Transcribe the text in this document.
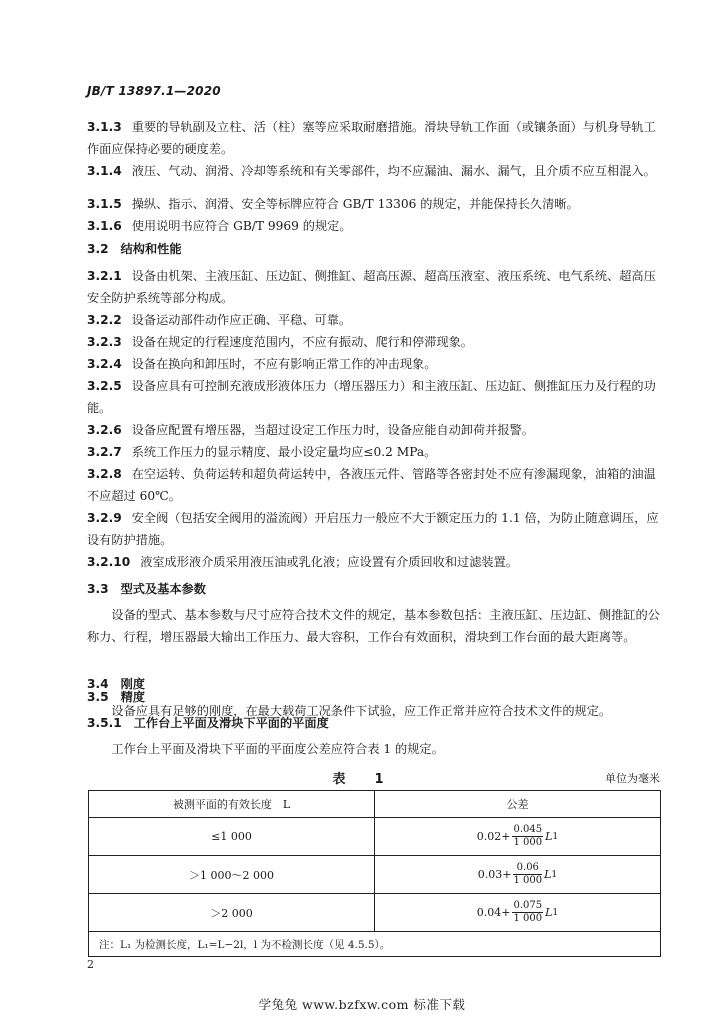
JB/T 13897.1—2020

3.1.3 重要的导轨副及立柱、活（柱）塞等应采取耐磨措施。滑块导轨工作面（或镶条面）与机身导轨工作面应保持必要的硬度差。

3.1.4 液压、气动、润滑、冷却等系统和有关零部件，均不应漏油、漏水、漏气，且介质不应互相混入。

3.1.5 操纵、指示、润滑、安全等标牌应符合 GB/T 13306 的规定，并能保持长久清晰。

3.1.6 使用说明书应符合 GB/T 9969 的规定。

3.2 结构和性能

3.2.1 设备由机架、主液压缸、压边缸、侧推缸、超高压源、超高压液室、液压系统、电气系统、超高压安全防护系统等部分构成。

3.2.2 设备运动部件动作应正确、平稳、可靠。

3.2.3 设备在规定的行程速度范围内，不应有振动、爬行和停滞现象。

3.2.4 设备在换向和卸压时，不应有影响正常工作的冲击现象。

3.2.5 设备应具有可控制充液成形液体压力（增压器压力）和主液压缸、压边缸、侧推缸压力及行程的功能。

3.2.6 设备应配置有增压器，当超过设定工作压力时，设备应能自动卸荷并报警。

3.2.7 系统工作压力的显示精度、最小设定量均应≤0.2 MPa。

3.2.8 在空运转、负荷运转和超负荷运转中，各液压元件、管路等各密封处不应有渗漏现象，油箱的油温不应超过 60℃。

3.2.9 安全阀（包括安全阀用的溢流阀）开启压力一般应不大于额定压力的 1.1 倍，为防止随意调压，应设有防护措施。

3.2.10 液室成形液介质采用液压油或乳化液；应设置有介质回收和过滤装置。

3.3 型式及基本参数

设备的型式、基本参数与尺寸应符合技术文件的规定，基本参数包括：主液压缸、压边缸、侧推缸的公称力、行程，增压器最大输出工作压力、最大容积，工作台有效面积，滑块到工作台面的最大距离等。

3.4 刚度

设备应具有足够的刚度，在最大载荷工况条件下试验，应工作正常并应符合技术文件的规定。

3.5 精度
3.5.1 工作台上平面及滑块下平面的平面度
表　1	单位为毫米
被测平面的有效长度　L	公差
≤1 000	$0.02+ \frac{0.045}{1 000}$ L 1

＞1 000～2 000	$0.03+ \frac{0.06}{1 000}$ L 1

＞2 000	$0.04+ \frac{0.075}{1 000}$ L 1

注：L₁ 为检测长度，L₁=L−2l，l 为不检测长度（见 4.5.5）。	
2
学兔兔 www.bzfxw.com 标准下载

工作台上平面及滑块下平面的平面度公差应符合表 1 的规定。
